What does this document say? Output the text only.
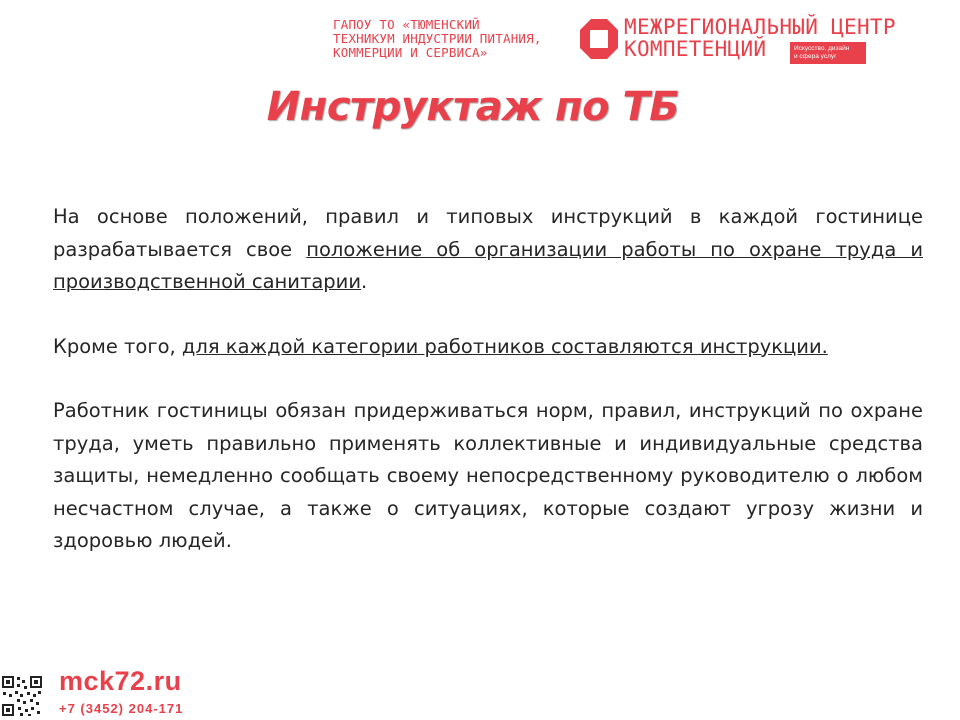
ГАПОУ ТО «ТЮМЕНСКИЙ
ТЕХНИКУМ ИНДУСТРИИ ПИТАНИЯ,
КОММЕРЦИИ И СЕРВИСА»
МЕЖРЕГИОНАЛЬНЫЙ ЦЕНТР
КОМПЕТЕНЦИЙ	Искусство, дизайн
и сфера услуг
Инструктаж по ТБ

На основе положений, правил и типовых инструкций в каждой гостинице разрабатывается свое положение об организации работы по охране труда и производственной санитарии.

Кроме того, для каждой категории работников составляются инструкции.

Работник гостиницы обязан придерживаться норм, правил, инструкций по охране труда, уметь правильно применять коллективные и индивидуальные средства защиты, немедленно сообщать своему непосредственному руководителю о любом несчастном случае, а также о ситуациях, которые создают угрозу жизни и здоровью людей.

mck72.ru
+7 (3452) 204-171
